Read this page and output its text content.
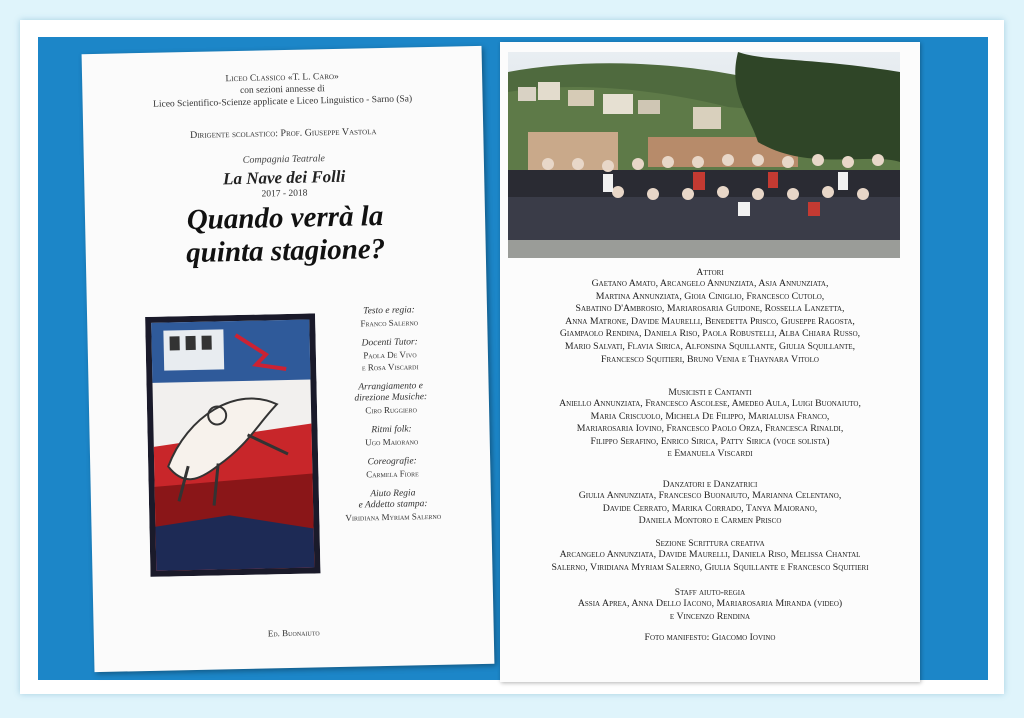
Liceo Classico «T. L. Caro»
con sezioni annesse di
Liceo Scientifico-Scienze applicate e Liceo Linguistico - Sarno (Sa)
Dirigente scolastico: Prof. Giuseppe Vastola
Compagnia Teatrale
La Nave dei Folli
2017 - 2018
Quando verrà la
quinta stagione?
Testo e regia:
Franco Salerno
Docenti Tutor:
Paola De Vivo
e Rosa Viscardi
Arrangiamento e
direzione Musiche:
Ciro Ruggiero
Ritmi folk:
Ugo Maiorano
Coreografie:
Carmela Fiore
Aiuto Regia
e Addetto stampa:
Viridiana Myriam Salerno
Ed. Buonaiuto
Attori
Gaetano Amato, Arcangelo Annunziata, Asja Annunziata,
Martina Annunziata, Gioia Ciniglio, Francesco Cutolo,
Sabatino D'Ambrosio, Mariarosaria Guidone, Rossella Lanzetta,
Anna Matrone, Davide Maurelli, Benedetta Prisco, Giuseppe Ragosta,
Giampaolo Rendina, Daniela Riso, Paola Robustelli, Alba Chiara Russo,
Mario Salvati, Flavia Sirica, Alfonsina Squillante, Giulia Squillante,
Francesco Squitieri, Bruno Venia e Thaynara Vitolo
Musicisti e Cantanti
Aniello Annunziata, Francesco Ascolese, Amedeo Aula, Luigi Buonaiuto,
Maria Criscuolo, Michela De Filippo, Marialuisa Franco,
Mariarosaria Iovino, Francesco Paolo Orza, Francesca Rinaldi,
Filippo Serafino, Enrico Sirica, Patty Sirica (voce solista)
e Emanuela Viscardi
Danzatori e Danzatrici
Giulia Annunziata, Francesco Buonaiuto, Marianna Celentano,
Davide Cerrato, Marika Corrado, Tanya Maiorano,
Daniela Montoro e Carmen Prisco
Sezione Scrittura creativa
Arcangelo Annunziata, Davide Maurelli, Daniela Riso, Melissa Chantal
Salerno, Viridiana Myriam Salerno, Giulia Squillante e Francesco Squitieri
Staff aiuto-regia
Assia Aprea, Anna Dello Iacono, Mariarosaria Miranda (video)
e Vincenzo Rendina
Foto manifesto: Giacomo Iovino
